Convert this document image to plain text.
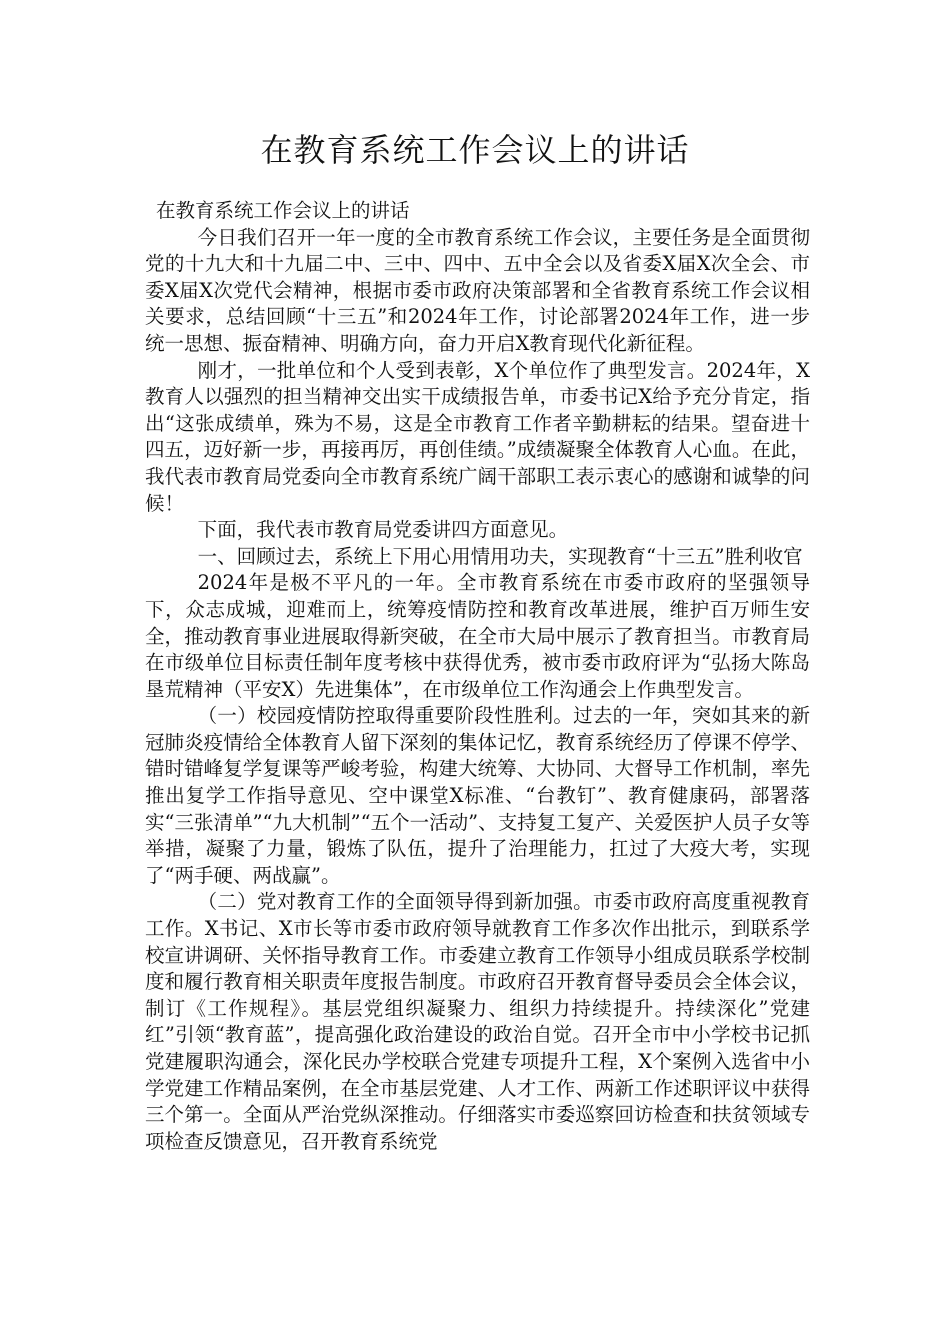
在教育系统工作会议上的讲话

在教育系统工作会议上的讲话

今日我们召开一年一度的全市教育系统工作会议，主要任务是全面贯彻党的十九大和十九届二中、三中、四中、五中全会以及省委X届X次全会、市委X届X次党代会精神，根据市委市政府决策部署和全省教育系统工作会议相关要求，总结回顾“十三五”和2024年工作，讨论部署2024年工作，进一步统一思想、振奋精神、明确方向，奋力开启X教育现代化新征程。

刚才，一批单位和个人受到表彰，X个单位作了典型发言。2024年，X教育人以强烈的担当精神交出实干成绩报告单，市委书记X给予充分肯定，指出“这张成绩单，殊为不易，这是全市教育工作者辛勤耕耘的结果。望奋进十四五，迈好新一步，再接再厉，再创佳绩。”成绩凝聚全体教育人心血。在此，我代表市教育局党委向全市教育系统广阔干部职工表示衷心的感谢和诚挚的问候！

下面，我代表市教育局党委讲四方面意见。

一、回顾过去，系统上下用心用情用功夫，实现教育“十三五”胜利收官

2024年是极不平凡的一年。全市教育系统在市委市政府的坚强领导下，众志成城，迎难而上，统筹疫情防控和教育改革进展，维护百万师生安全，推动教育事业进展取得新突破，在全市大局中展示了教育担当。市教育局在市级单位目标责任制年度考核中获得优秀，被市委市政府评为“弘扬大陈岛垦荒精神（平安X）先进集体”，在市级单位工作沟通会上作典型发言。

（一）校园疫情防控取得重要阶段性胜利。过去的一年，突如其来的新冠肺炎疫情给全体教育人留下深刻的集体记忆，教育系统经历了停课不停学、错时错峰复学复课等严峻考验，构建大统筹、大协同、大督导工作机制，率先推出复学工作指导意见、空中课堂X标准、“台教钉”、教育健康码，部署落实“三张清单”“九大机制”“五个一活动”、支持复工复产、关爱医护人员子女等举措，凝聚了力量，锻炼了队伍，提升了治理能力，扛过了大疫大考，实现了“两手硬、两战赢”。

（二）党对教育工作的全面领导得到新加强。市委市政府高度重视教育工作。X书记、X市长等市委市政府领导就教育工作多次作出批示，到联系学校宣讲调研、关怀指导教育工作。市委建立教育工作领导小组成员联系学校制度和履行教育相关职责年度报告制度。市政府召开教育督导委员会全体会议，制订《工作规程》。基层党组织凝聚力、组织力持续提升。持续深化”党建红”引领“教育蓝”，提高强化政治建设的政治自觉。召开全市中小学校书记抓党建履职沟通会，深化民办学校联合党建专项提升工程，X个案例入选省中小学党建工作精品案例，在全市基层党建、人才工作、两新工作述职评议中获得三个第一。全面从严治党纵深推动。仔细落实市委巡察回访检查和扶贫领域专项检查反馈意见，召开教育系统党
